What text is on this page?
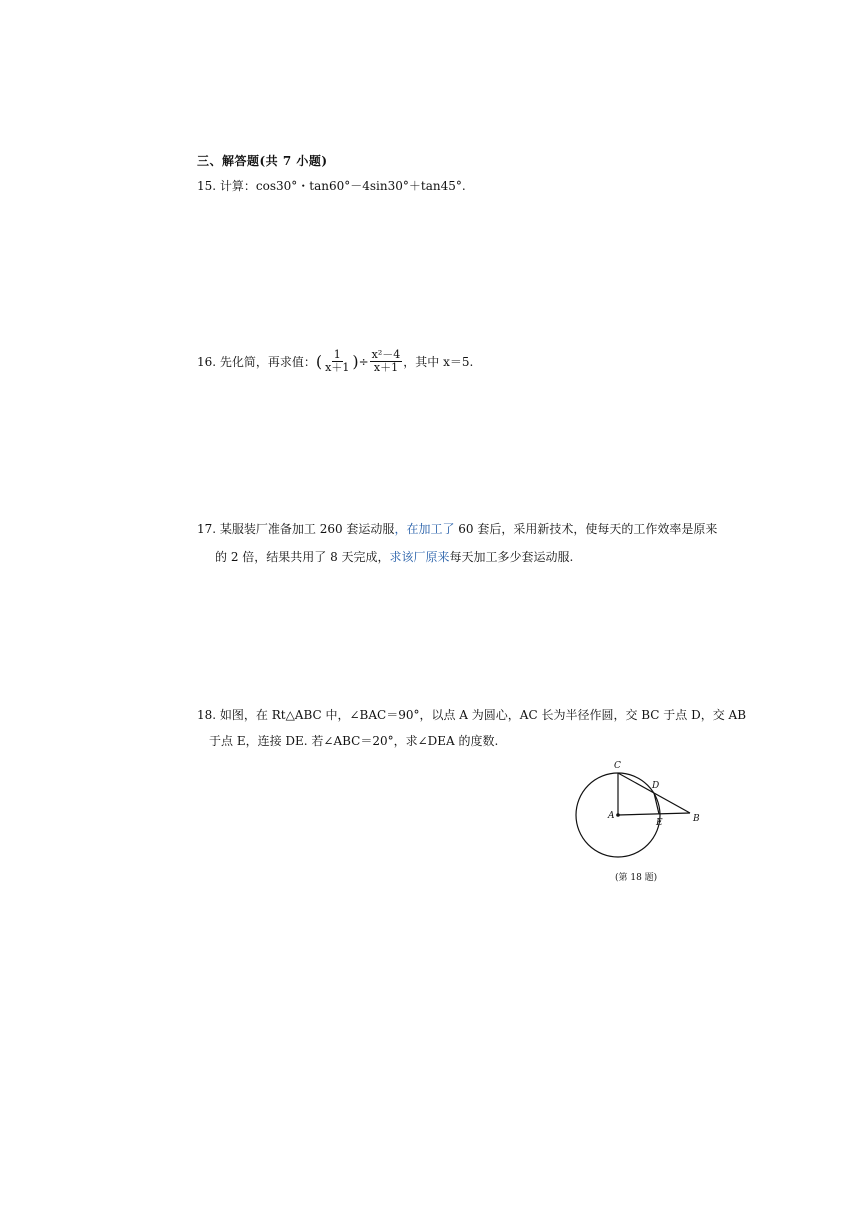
三、解答题(共 7 小题)
15. 计算：cos30°・tan60°－4sin30°＋tan45°.
16. 先化简，再求值： ( $\frac{1}{x+1}$ ) ÷ $\frac{\text{x²－4}}{x+1}$ ，其中 x＝5.
17. 某服装厂准备加工 260 套运动服，在加工了 60 套后，采用新技术，使每天的工作效率是原来
的 2 倍，结果共用了 8 天完成，求该厂原来每天加工多少套运动服.
18. 如图，在 Rt△ABC 中，∠BAC＝90°，以点 A 为圆心，AC 长为半径作圆，交 BC 于点 D，交 AB
于点 E，连接 DE. 若∠ABC＝20°，求∠DEA 的度数.
C
D
A
E	B
(第 18 题)
